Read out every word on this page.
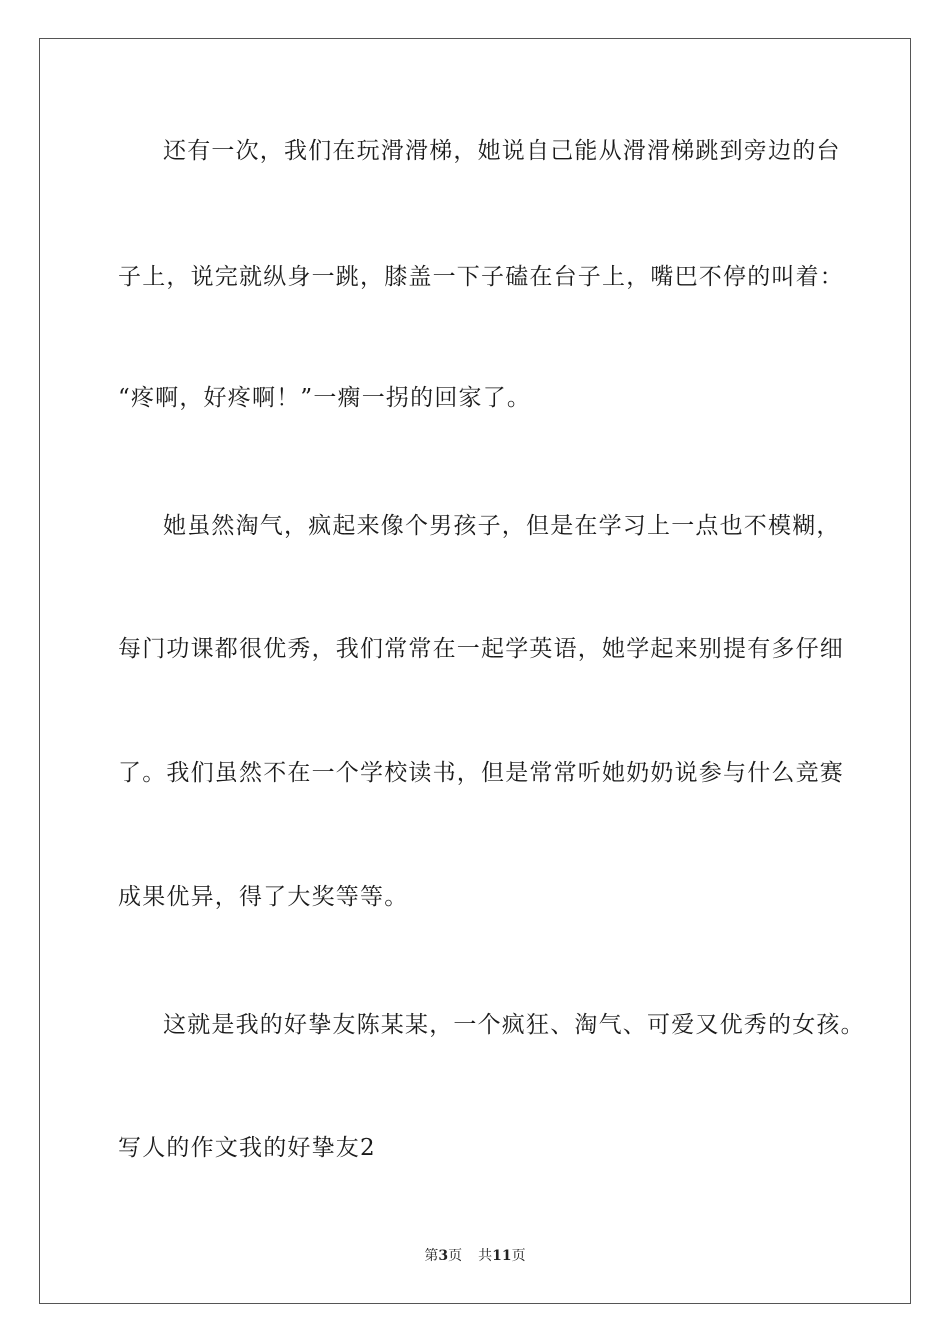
还有一次，我们在玩滑滑梯，她说自己能从滑滑梯跳到旁边的台
子上，说完就纵身一跳，膝盖一下子磕在台子上，嘴巴不停的叫着：
“疼啊，好疼啊！”一瘸一拐的回家了。
她虽然淘气，疯起来像个男孩子，但是在学习上一点也不模糊，
每门功课都很优秀，我们常常在一起学英语，她学起来别提有多仔细
了。我们虽然不在一个学校读书，但是常常听她奶奶说参与什么竞赛
成果优异，得了大奖等等。
这就是我的好挚友陈某某，一个疯狂、淘气、可爱又优秀的女孩。
写人的作文我的好挚友2
第3页 共11页
